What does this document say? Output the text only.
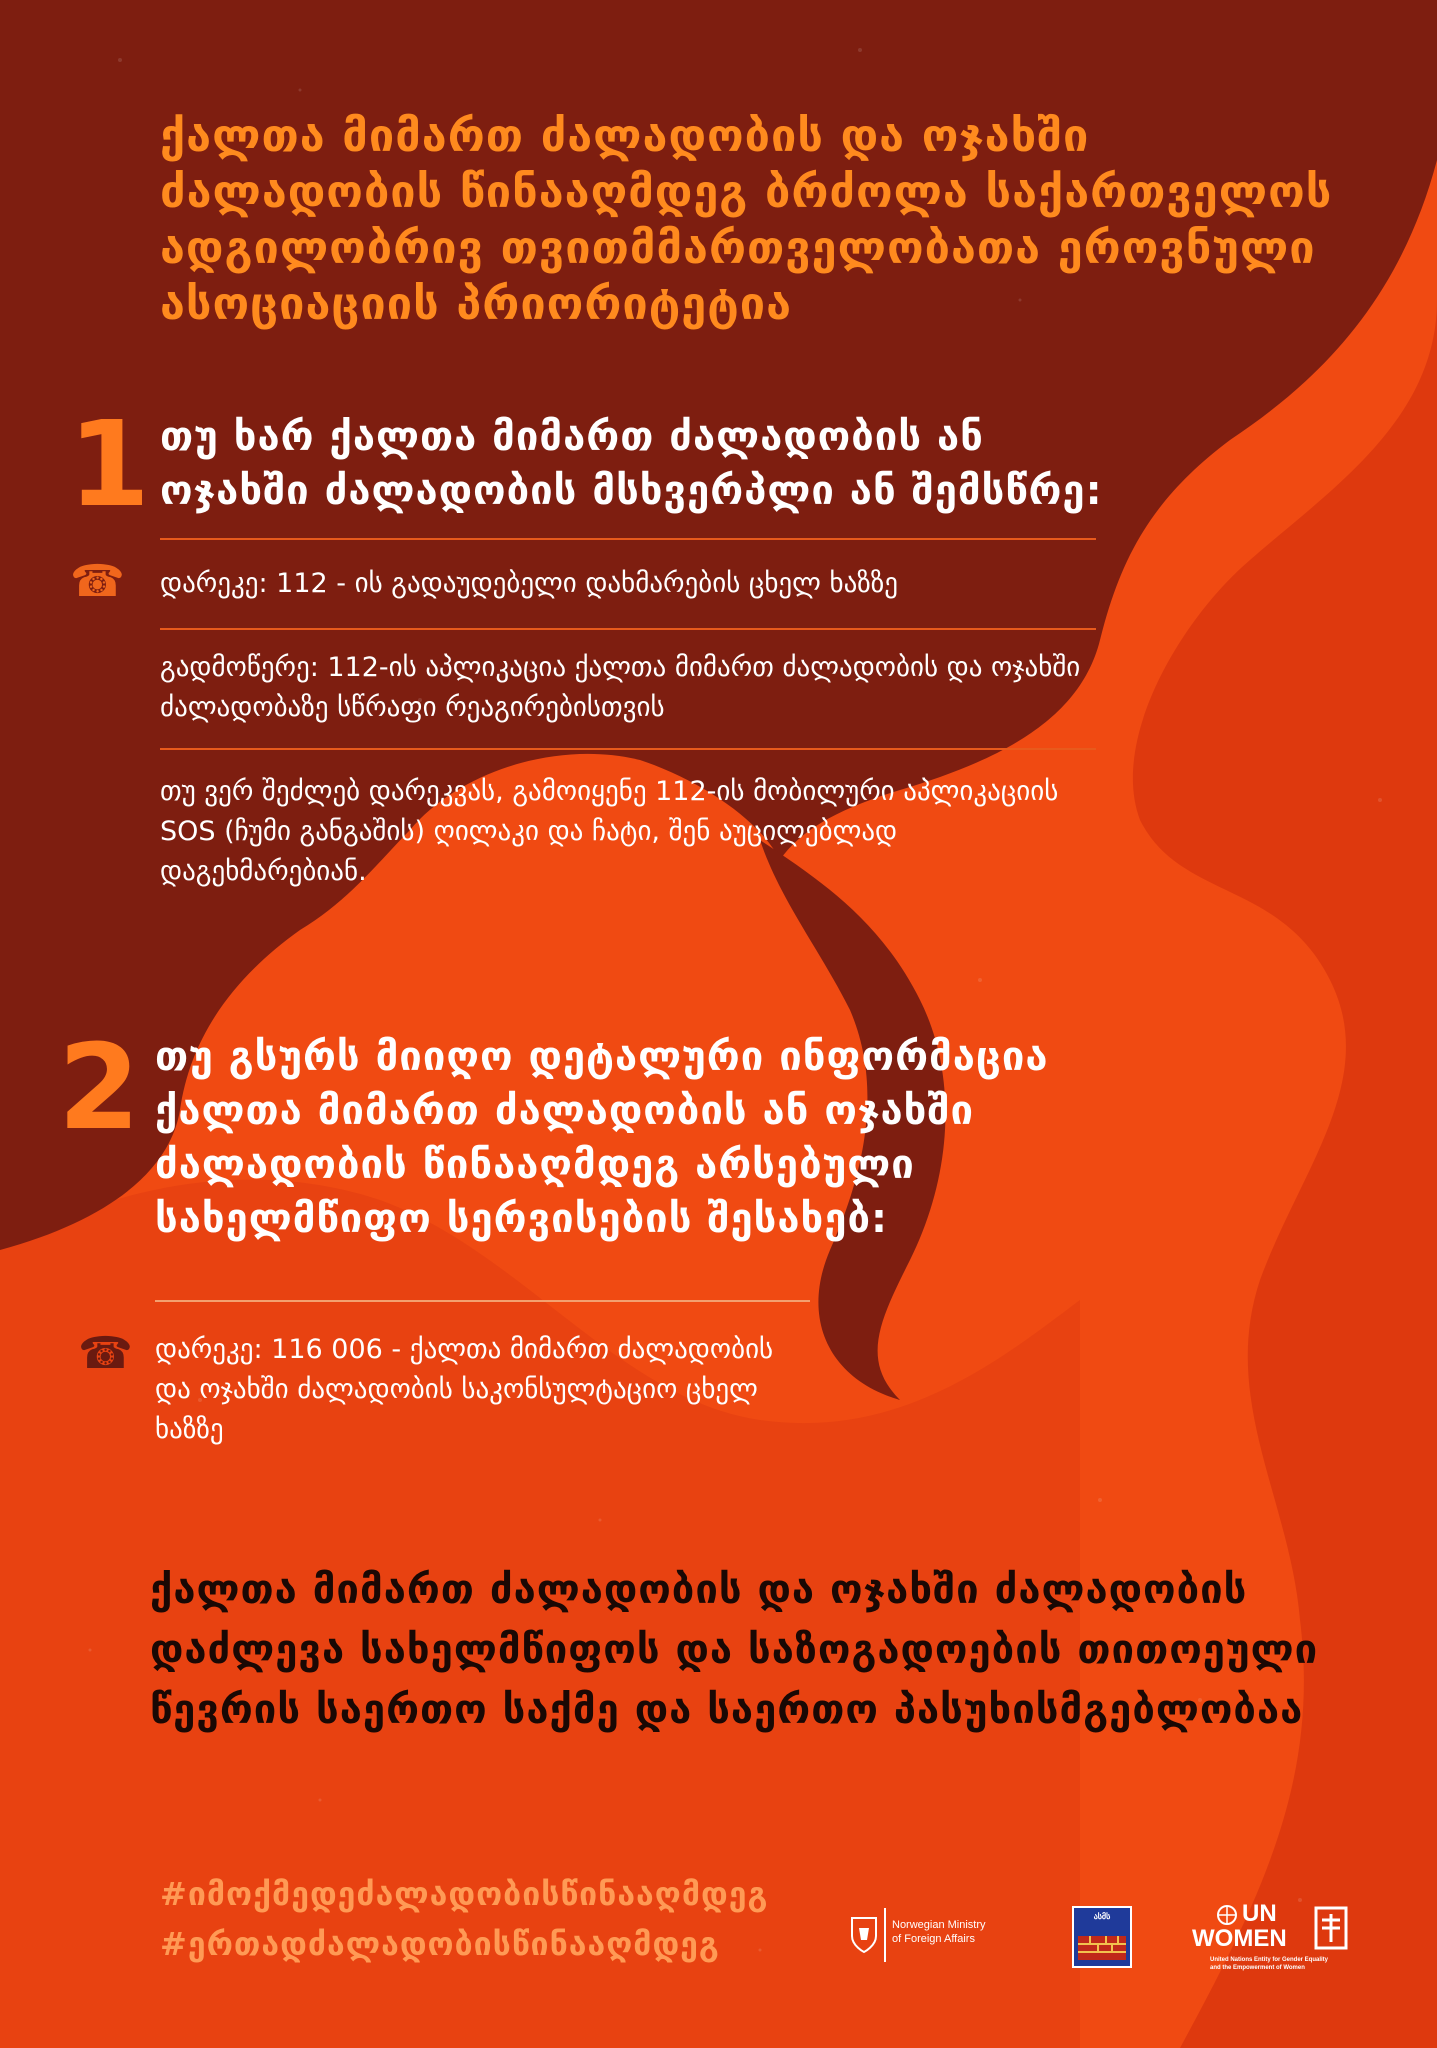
ქალთა მიმართ ძალადობის და ოჯახში ძალადობის წინააღმდეგ ბრძოლა საქართველოს ადგილობრივ თვითმმართველობათა ეროვნული ასოციაციის პრიორიტეტია
1 თუ ხარ ქალთა მიმართ ძალადობის ან ოჯახში ძალადობის მსხვერპლი ან შემსწრე:
☎ დარეკე: 112 - ის გადაუდებელი დახმარების ცხელ ხაზზე
გადმოწერე: 112-ის აპლიკაცია ქალთა მიმართ ძალადობის და ოჯახში ძალადობაზე სწრაფი რეაგირებისთვის
თუ ვერ შეძლებ დარეკვას, გამოიყენე 112-ის მობილური აპლიკაციის SOS (ჩუმი განგაშის) ღილაკი და ჩატი, შენ აუცილებლად დაგეხმარებიან.
2 თუ გსურს მიიღო დეტალური ინფორმაცია ქალთა მიმართ ძალადობის ან ოჯახში ძალადობის წინააღმდეგ არსებული სახელმწიფო სერვისების შესახებ:
☎ დარეკე: 116 006 - ქალთა მიმართ ძალადობის და ოჯახში ძალადობის საკონსულტაციო ცხელ ხაზზე
ქალთა მიმართ ძალადობის და ოჯახში ძალადობის დაძლევა სახელმწიფოს და საზოგადოების თითოეული წევრის საერთო საქმე და საერთო პასუხისმგებლობაა
#იმოქმედეძალადობისწინააღმდეგ
#ერთადძალადობისწინააღმდეგ	Norwegian Ministry
of Foreign Affairs
ასმს	UN
WOMEN
United Nations Entity for Gender Equality
and the Empowerment of Women
